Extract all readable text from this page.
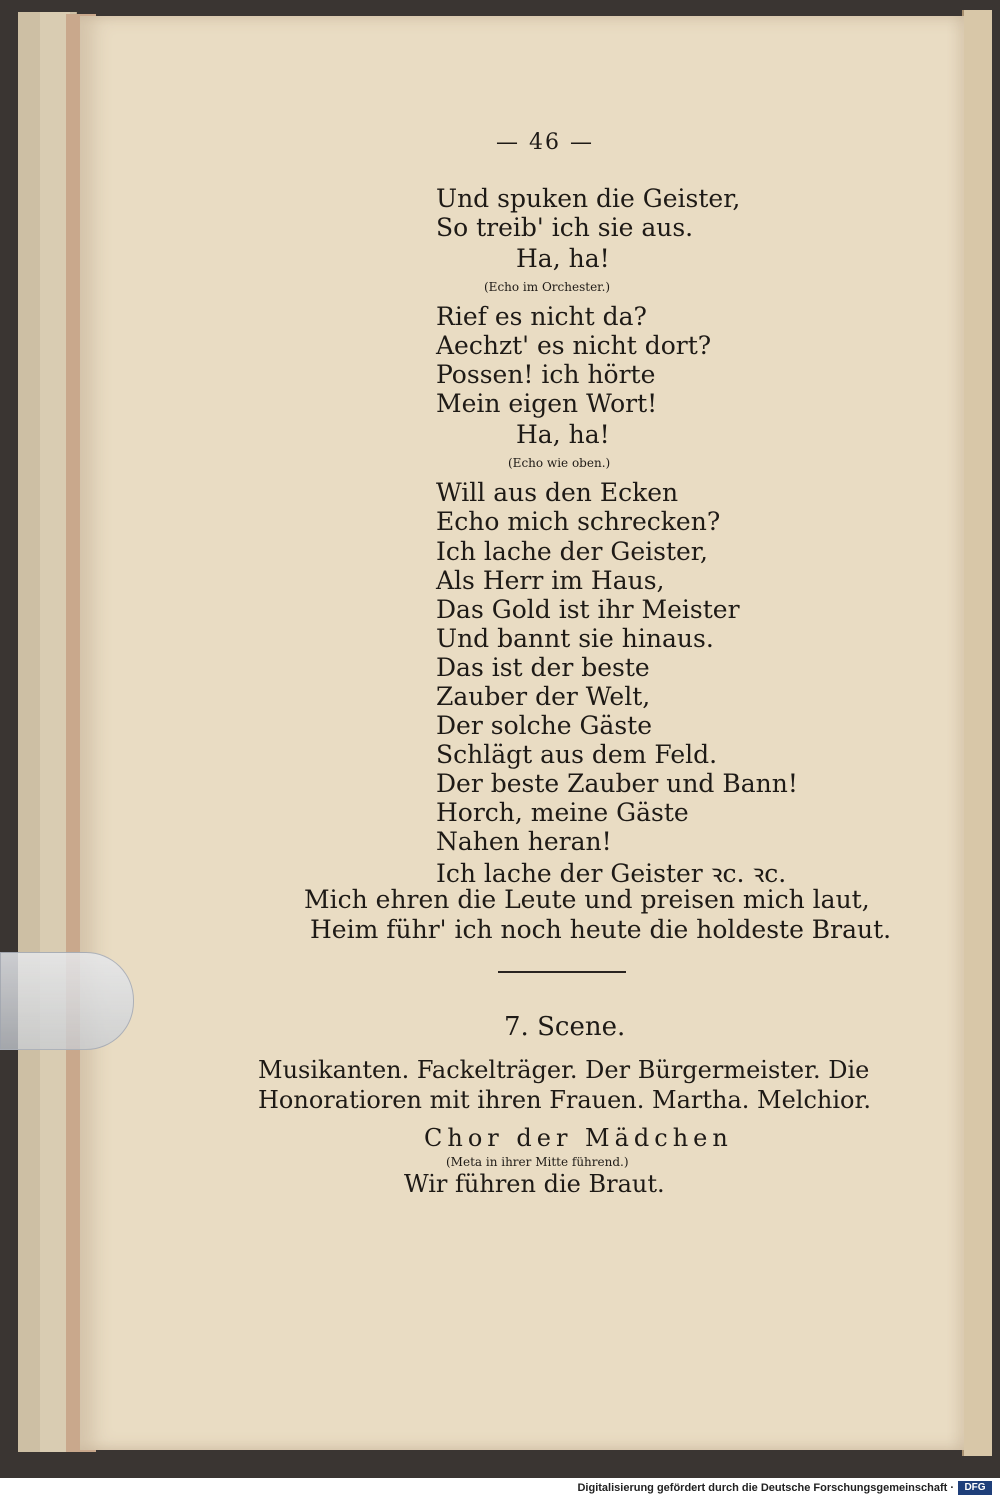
— 46 —
Und spuken die Geister,
So treib' ich sie aus.
Ha, ha!
(Echo im Orchester.)
Rief es nicht da?
Aechzt' es nicht dort?
Possen! ich hörte
Mein eigen Wort!
Ha, ha!
(Echo wie oben.)
Will aus den Ecken
Echo mich schrecken?
Ich lache der Geister,
Als Herr im Haus,
Das Gold ist ihr Meister
Und bannt sie hinaus.
Das ist der beste
Zauber der Welt,
Der solche Gäste
Schlägt aus dem Feld.
Der beste Zauber und Bann!
Horch, meine Gäste
Nahen heran!
Ich lache der Geister ꝛc. ꝛc.
Mich ehren die Leute und preisen mich laut,
Heim führ' ich noch heute die holdeste Braut.
7. Scene.
Musikanten. Fackelträger. Der Bürgermeister. Die
Honoratioren mit ihren Frauen. Martha. Melchior.
Chor der Mädchen
(Meta in ihrer Mitte führend.)
Wir führen die Braut.
Digitalisierung gefördert durch die Deutsche Forschungsgemeinschaft ·	DFG
